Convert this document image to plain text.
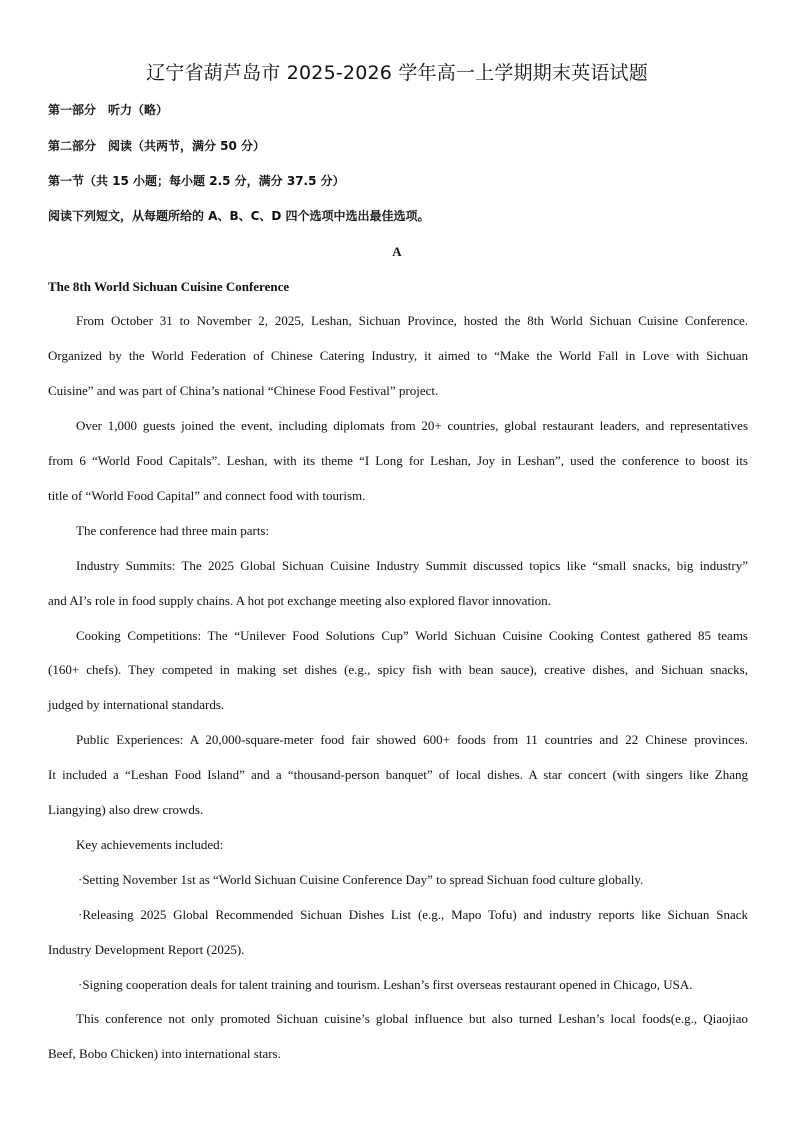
辽宁省葫芦岛市 2025-2026 学年高一上学期期末英语试题
第一部分　听力（略）
第二部分　阅读（共两节，满分 50 分）
第一节（共 15 小题；每小题 2.5 分，满分 37.5 分）
阅读下列短文，从每题所给的 A、B、C、D 四个选项中选出最佳选项。
A
The 8th World Sichuan Cuisine Conference
From October 31 to November 2, 2025, Leshan, Sichuan Province, hosted the 8th World Sichuan Cuisine Conference.
Organized by the World Federation of Chinese Catering Industry, it aimed to “Make the World Fall in Love with Sichuan
Cuisine” and was part of China’s national “Chinese Food Festival” project.
Over 1,000 guests joined the event, including diplomats from 20+ countries, global restaurant leaders, and representatives
from 6 “World Food Capitals”. Leshan, with its theme “I Long for Leshan, Joy in Leshan”, used the conference to boost its
title of “World Food Capital” and connect food with tourism.
The conference had three main parts:
Industry Summits: The 2025 Global Sichuan Cuisine Industry Summit discussed topics like “small snacks, big industry”
and AI’s role in food supply chains. A hot pot exchange meeting also explored flavor innovation.
Cooking Competitions: The “Unilever Food Solutions Cup” World Sichuan Cuisine Cooking Contest gathered 85 teams
(160+ chefs). They competed in making set dishes (e.g., spicy fish with bean sauce), creative dishes, and Sichuan snacks,
judged by international standards.
Public Experiences: A 20,000-square-meter food fair showed 600+ foods from 11 countries and 22 Chinese provinces.
It included a “Leshan Food Island” and a “thousand-person banquet” of local dishes. A star concert (with singers like Zhang
Liangying) also drew crowds.
Key achievements included:
·Setting November 1st as “World Sichuan Cuisine Conference Day” to spread Sichuan food culture globally.
·Releasing 2025 Global Recommended Sichuan Dishes List (e.g., Mapo Tofu) and industry reports like Sichuan Snack
Industry Development Report (2025).
·Signing cooperation deals for talent training and tourism. Leshan’s first overseas restaurant opened in Chicago, USA.
This conference not only promoted Sichuan cuisine’s global influence but also turned Leshan’s local foods(e.g., Qiaojiao
Beef, Bobo Chicken) into international stars.
